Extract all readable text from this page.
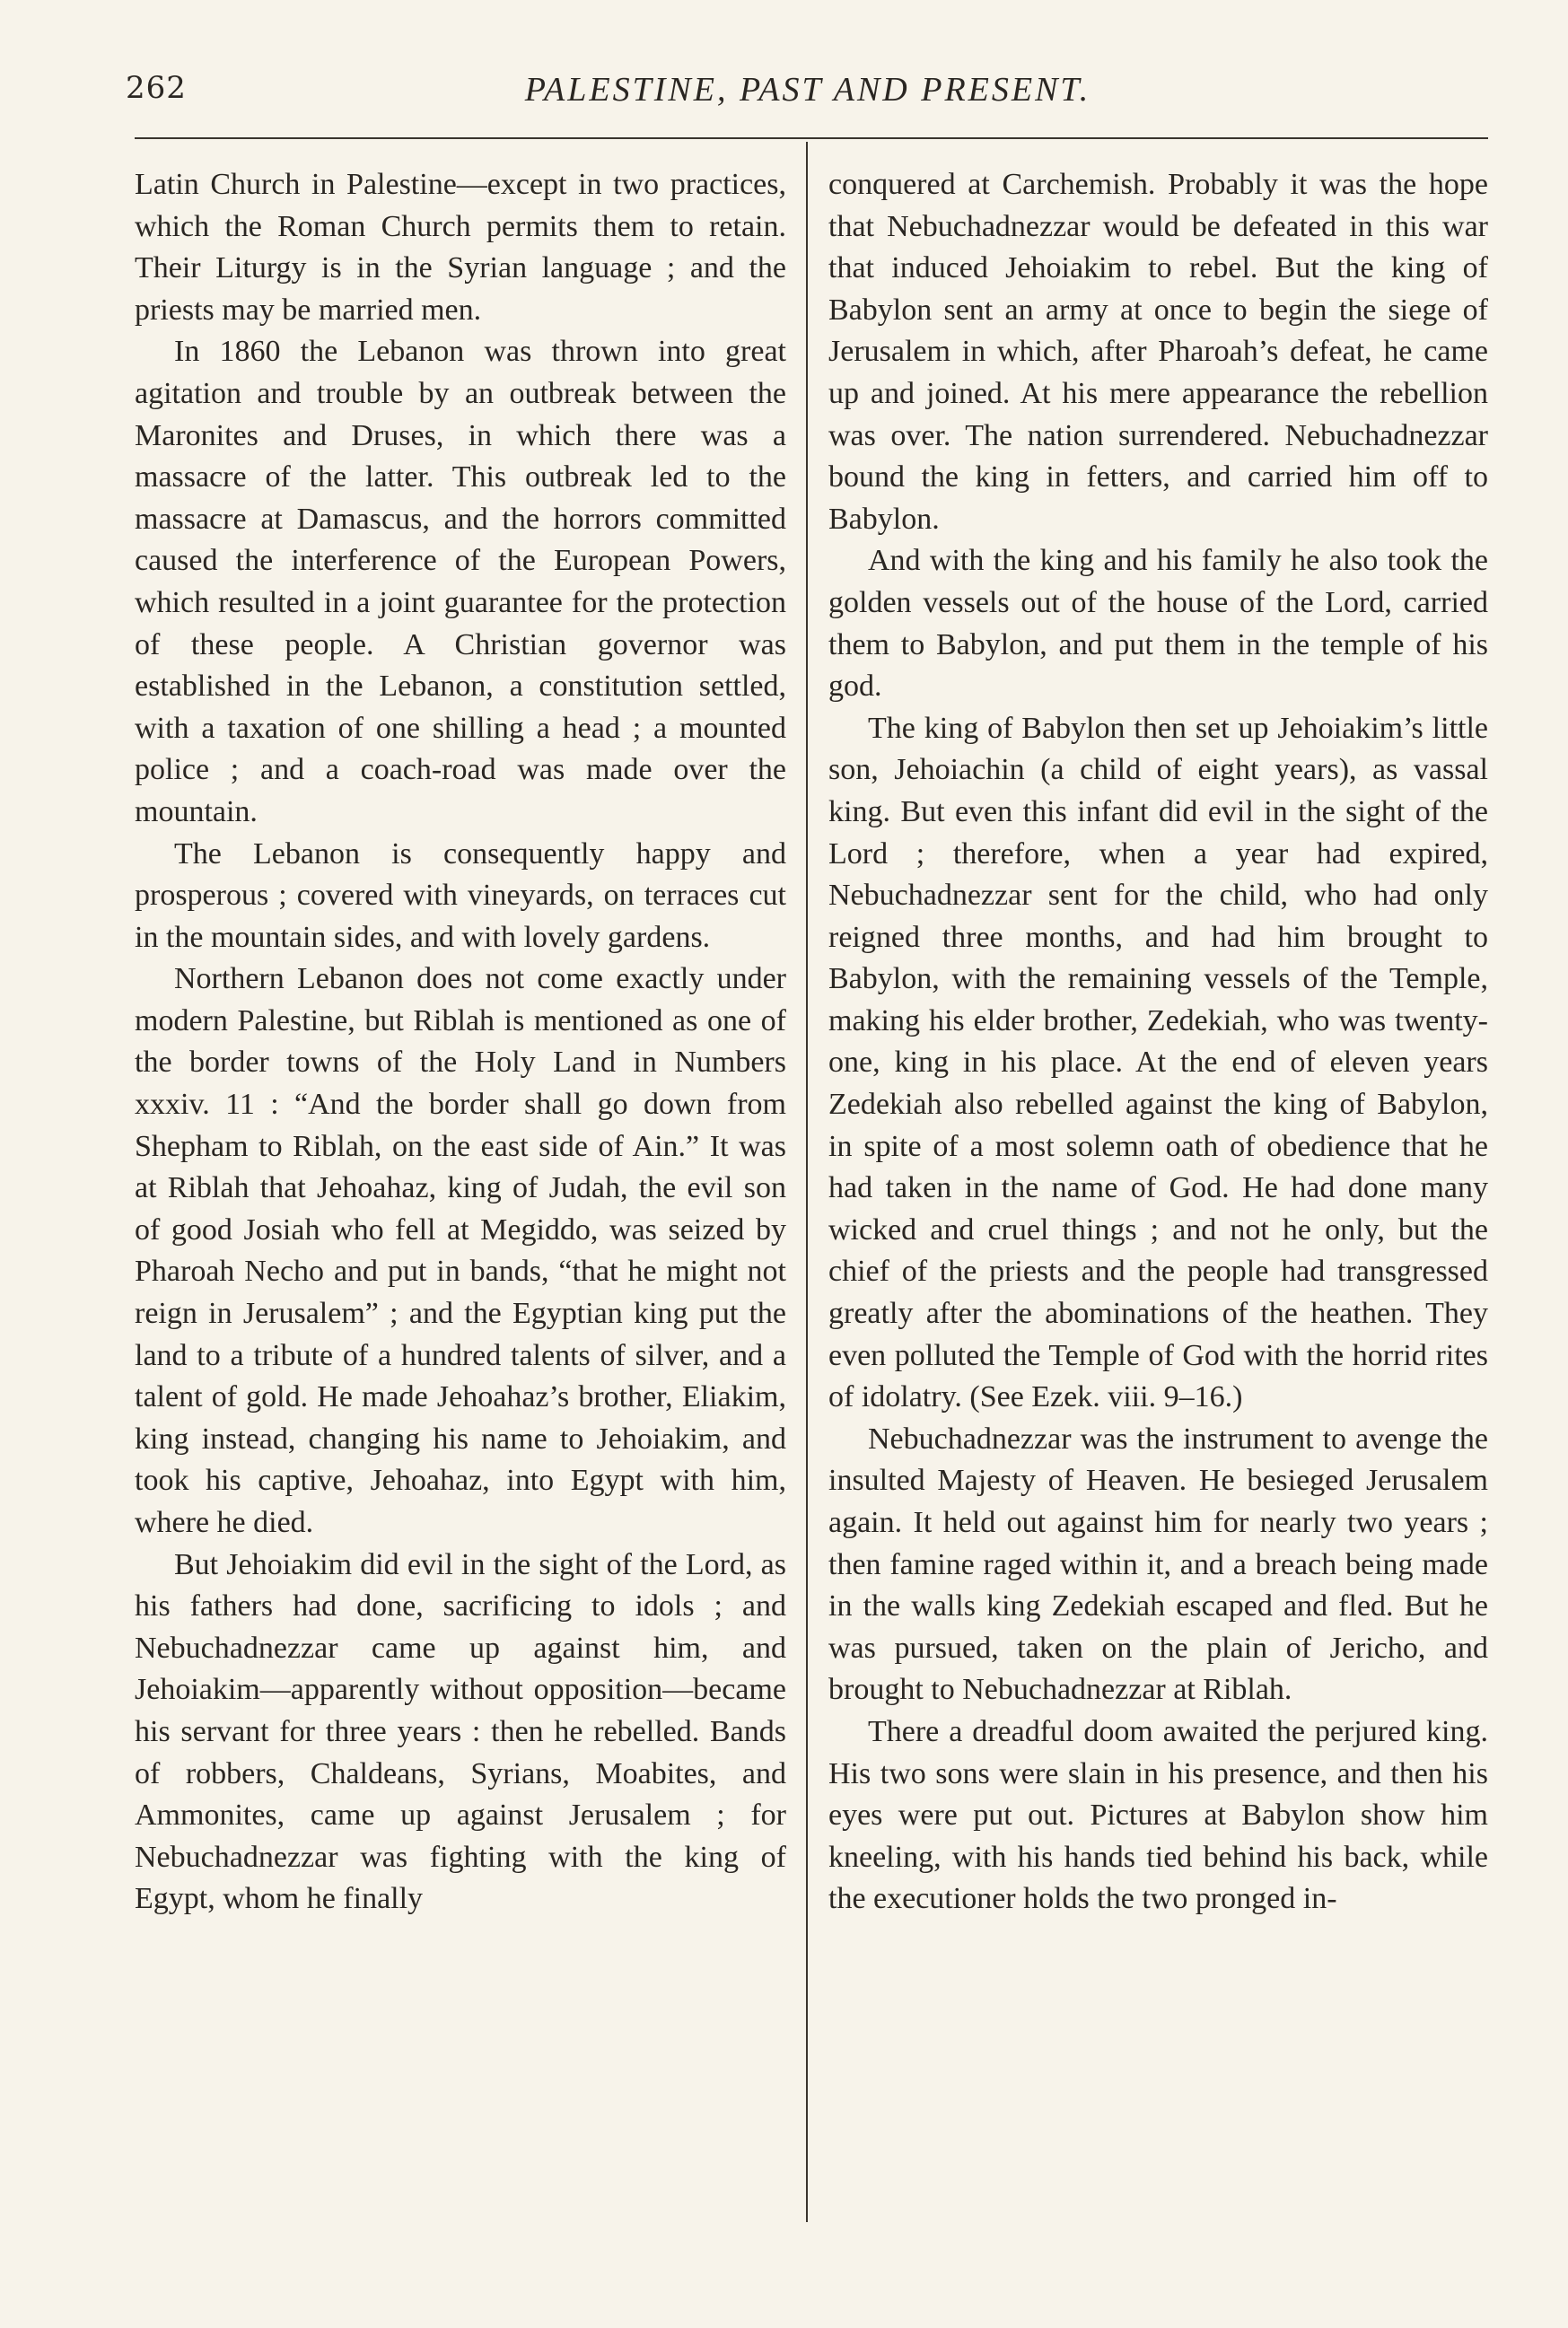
262	PALESTINE, PAST AND PRESENT.

Latin Church in Palestine—except in two practices, which the Roman Church permits them to retain. Their Liturgy is in the Syrian language ; and the priests may be married men.

In 1860 the Lebanon was thrown into great agitation and trouble by an outbreak between the Maronites and Druses, in which there was a massacre of the latter. This outbreak led to the massacre at Damascus, and the horrors committed caused the interference of the European Powers, which resulted in a joint guarantee for the protection of these people. A Christian governor was established in the Lebanon, a constitution settled, with a taxation of one shilling a head ; a mounted police ; and a coach-road was made over the mountain.

The Lebanon is consequently happy and prosperous ; covered with vineyards, on terraces cut in the mountain sides, and with lovely gardens.

Northern Lebanon does not come exactly under modern Palestine, but Riblah is mentioned as one of the border towns of the Holy Land in Numbers xxxiv. 11 : “And the border shall go down from Shepham to Riblah, on the east side of Ain.” It was at Riblah that Jehoahaz, king of Judah, the evil son of good Josiah who fell at Megiddo, was seized by Pharoah Necho and put in bands, “that he might not reign in Jerusalem” ; and the Egyptian king put the land to a tribute of a hundred talents of silver, and a talent of gold. He made Jehoahaz’s brother, Eliakim, king instead, changing his name to Jehoiakim, and took his captive, Jehoahaz, into Egypt with him, where he died.

But Jehoiakim did evil in the sight of the Lord, as his fathers had done, sacrificing to idols ; and Nebuchadnezzar came up against him, and Jehoiakim—apparently without opposition—became his servant for three years : then he rebelled. Bands of robbers, Chaldeans, Syrians, Moabites, and Ammonites, came up against Jerusalem ; for Nebuchadnezzar was fighting with the king of Egypt, whom he finally

conquered at Carchemish. Probably it was the hope that Nebuchadnezzar would be defeated in this war that induced Jehoiakim to rebel. But the king of Babylon sent an army at once to begin the siege of Jerusalem in which, after Pharoah’s defeat, he came up and joined. At his mere appearance the rebellion was over. The nation surrendered. Nebuchadnezzar bound the king in fetters, and carried him off to Babylon.

And with the king and his family he also took the golden vessels out of the house of the Lord, carried them to Babylon, and put them in the temple of his god.

The king of Babylon then set up Jehoiakim’s little son, Jehoiachin (a child of eight years), as vassal king. But even this infant did evil in the sight of the Lord ; therefore, when a year had expired, Nebuchadnezzar sent for the child, who had only reigned three months, and had him brought to Babylon, with the remaining vessels of the Temple, making his elder brother, Zedekiah, who was twenty-one, king in his place. At the end of eleven years Zedekiah also rebelled against the king of Babylon, in spite of a most solemn oath of obedience that he had taken in the name of God. He had done many wicked and cruel things ; and not he only, but the chief of the priests and the people had transgressed greatly after the abominations of the heathen. They even polluted the Temple of God with the horrid rites of idolatry. (See Ezek. viii. 9–16.)

Nebuchadnezzar was the instrument to avenge the insulted Majesty of Heaven. He besieged Jerusalem again. It held out against him for nearly two years ; then famine raged within it, and a breach being made in the walls king Zedekiah escaped and fled. But he was pursued, taken on the plain of Jericho, and brought to Nebuchadnezzar at Riblah.

There a dreadful doom awaited the perjured king. His two sons were slain in his presence, and then his eyes were put out. Pictures at Babylon show him kneeling, with his hands tied behind his back, while the executioner holds the two pronged in-
